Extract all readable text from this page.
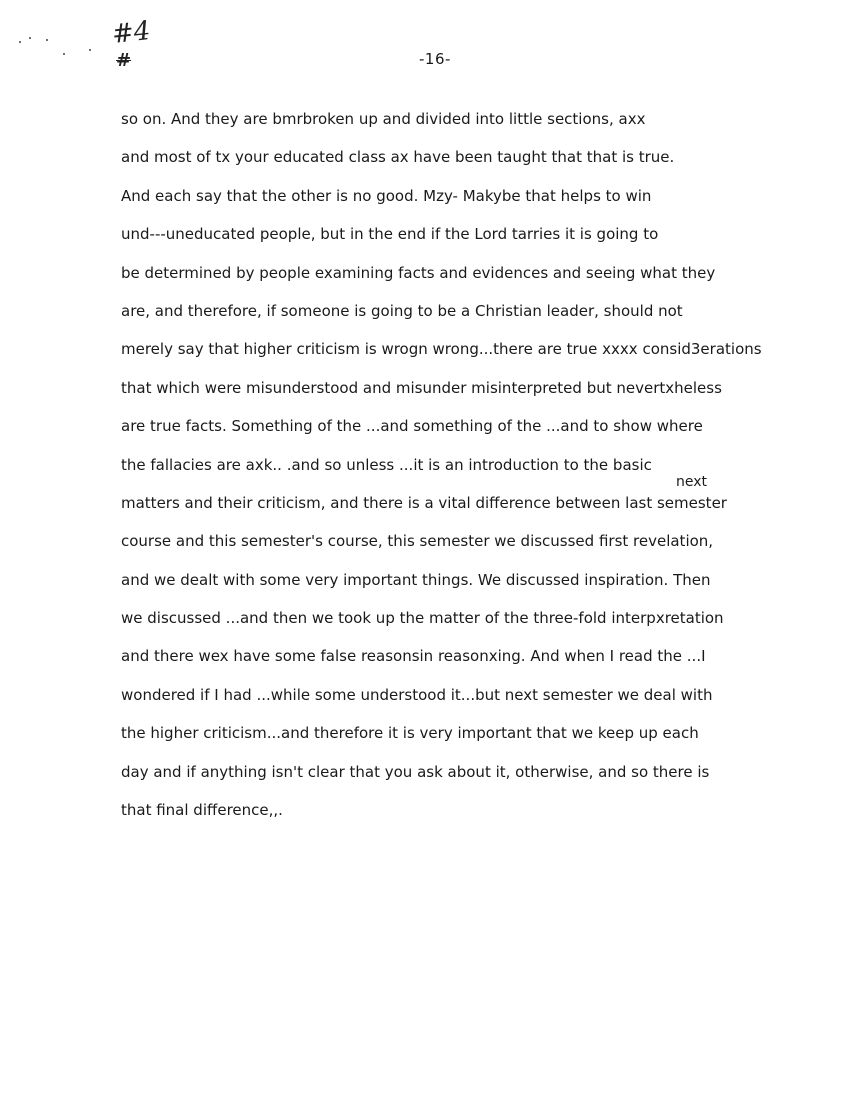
#4
#	-16-
next
so on. And they are bmrbroken up and divided into little sections, axx
and most of tx your educated class ax have been taught that that is true.
And each say that the other is no good. Mzy- Makybe that helps to win
und---uneducated people, but in the end if the Lord tarries it is going to
be determined by people examining facts and evidences and seeing what they
are, and therefore, if someone is going to be a Christian leader, should not
merely say that higher criticism is wrogn wrong...there are true xxxx consid3erations
that which were misunderstood and misunder misinterpreted but nevertxheless
are true facts. Something of the ...and something of the ...and to show where
the fallacies are axk.. .and so unless ...it is an introduction to the basic
matters and their criticism, and there is a vital difference between last semester
course and this semester's course, this semester we discussed first revelation,
and we dealt with some very important things. We discussed inspiration. Then
we discussed ...and then we took up the matter of the three-fold interpxretation
and there wex have some false reasonsin reasonxing. And when I read the ...I
wondered if I had ...while some understood it...but next semester we deal with
the higher criticism...and therefore it is very important that we keep up each
day and if anything isn't clear that you ask about it, otherwise, and so there is
that final difference,,.
